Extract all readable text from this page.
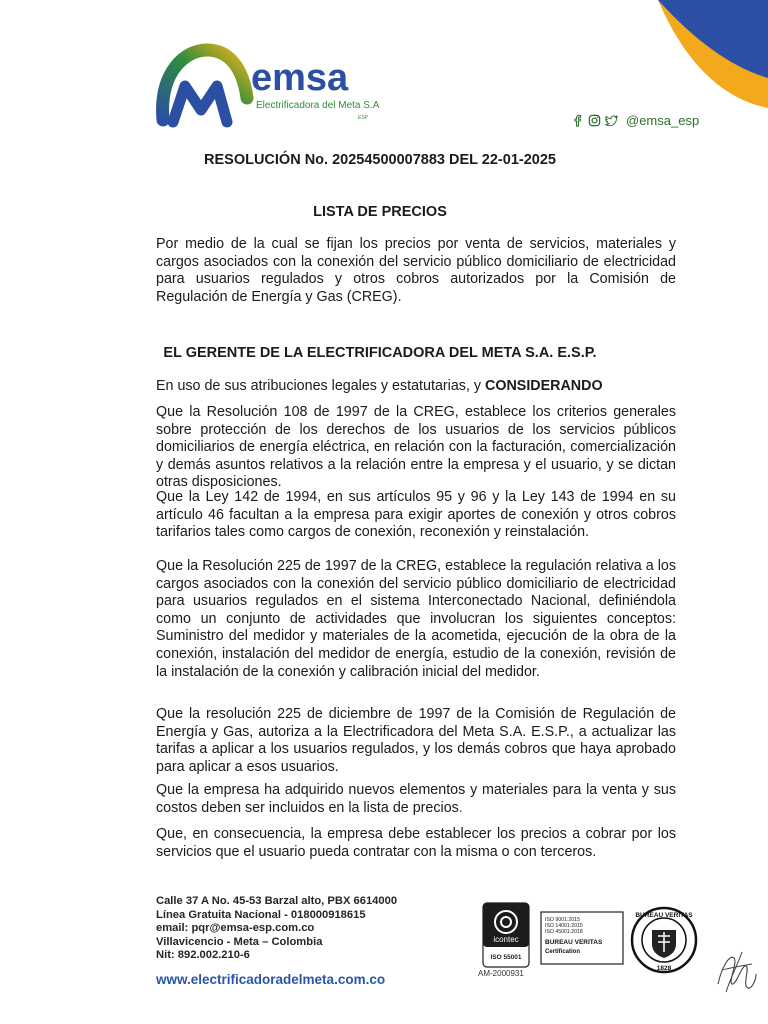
emsa
Electrificadora del Meta S.A
ESP	@emsa_esp
RESOLUCIÓN No. 20254500007883 DEL 22-01-2025
LISTA DE PRECIOS
Por medio de la cual se fijan los precios por venta de servicios, materiales y cargos asociados con la conexión del servicio público domiciliario de electricidad para usuarios regulados y otros cobros autorizados por la Comisión de Regulación de Energía y Gas (CREG).
EL GERENTE DE LA ELECTRIFICADORA DEL META S.A. E.S.P.
En uso de sus atribuciones legales y estatutarias, y CONSIDERANDO
Que la Resolución 108 de 1997 de la CREG, establece los criterios generales sobre protección de los derechos de los usuarios de los servicios públicos domiciliarios de energía eléctrica, en relación con la facturación, comercialización y demás asuntos relativos a la relación entre la empresa y el usuario, y se dictan otras disposiciones.
Que la Ley 142 de 1994, en sus artículos 95 y 96 y la Ley 143 de 1994 en su artículo 46 facultan a la empresa para exigir aportes de conexión y otros cobros tarifarios tales como cargos de conexión, reconexión y reinstalación.
Que la Resolución 225 de 1997 de la CREG, establece la regulación relativa a los cargos asociados con la conexión del servicio público domiciliario de electricidad para usuarios regulados en el sistema Interconectado Nacional, definiéndola como un conjunto de actividades que involucran los siguientes conceptos: Suministro del medidor y materiales de la acometida, ejecución de la obra de la conexión, instalación del medidor de energía, estudio de la conexión, revisión de la instalación de la conexión y calibración inicial del medidor.
Que la resolución 225 de diciembre de 1997 de la Comisión de Regulación de Energía y Gas, autoriza a la Electrificadora del Meta S.A. E.S.P., a actualizar las tarifas a aplicar a los usuarios regulados, y los demás cobros que haya aprobado para aplicar a esos usuarios.
Que la empresa ha adquirido nuevos elementos y materiales para la venta y sus costos deben ser incluidos en la lista de precios.
Que, en consecuencia, la empresa debe establecer los precios a cobrar por los servicios que el usuario pueda contratar con la misma o con terceros.
Calle 37 A No. 45-53 Barzal alto, PBX 6614000
Línea Gratuita Nacional - 018000918615
email: pqr@emsa-esp.com.co
Villavicencio - Meta – Colombia
Nit: 892.002.210-6
www.electrificadoradelmeta.com.co
icontec
ISO 55001
AM-2000931
ISO 9001:2015
ISO 14001:2015
ISO 45001:2018
BUREAU VERITAS
Certification
BUREAU VERITAS
1828
